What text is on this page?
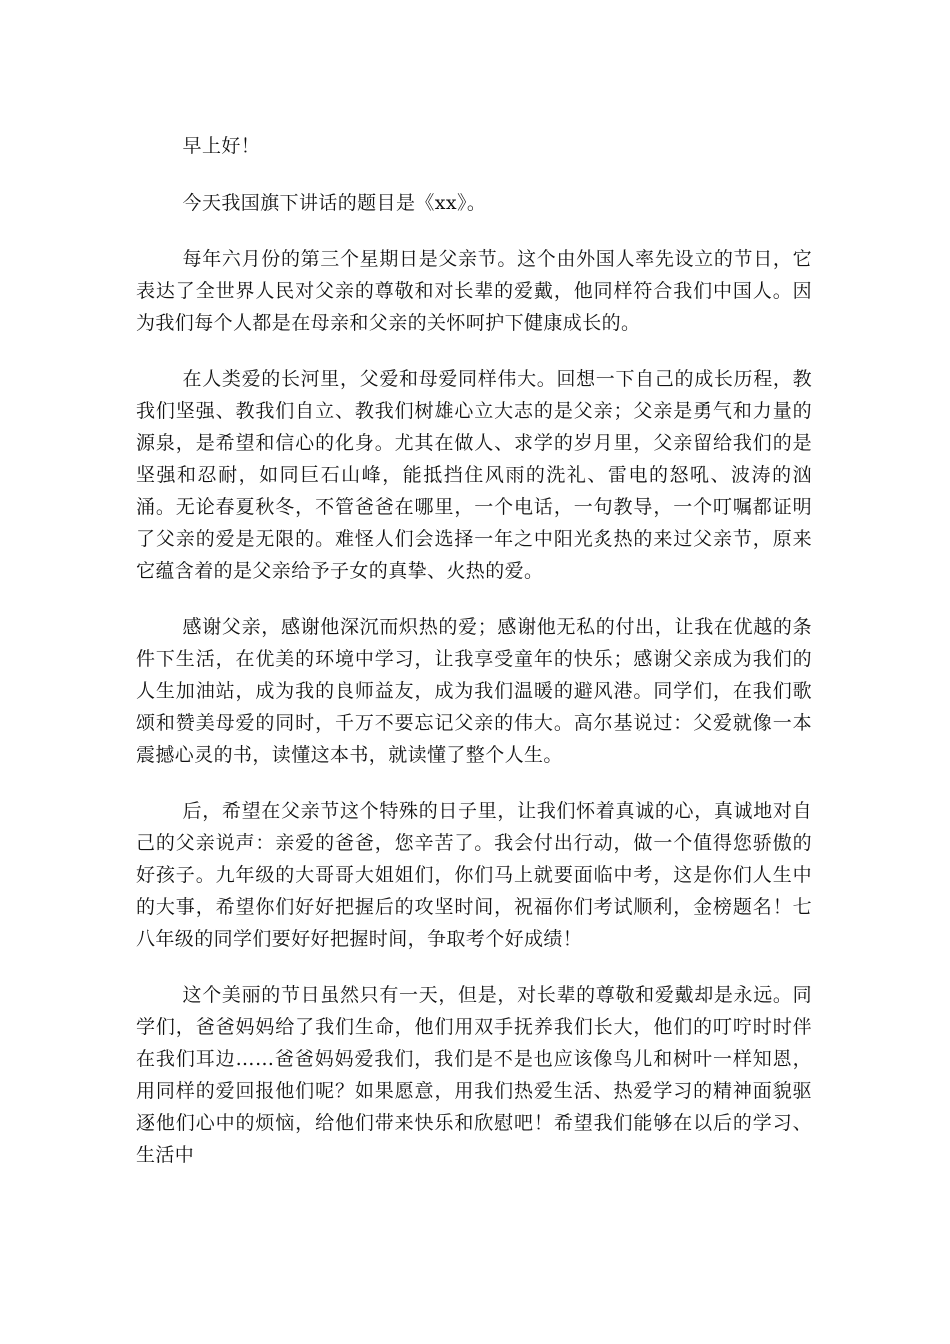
早上好！

今天我国旗下讲话的题目是《xx》。

每年六月份的第三个星期日是父亲节。这个由外国人率先设立的节日，它表达了全世界人民对父亲的尊敬和对长辈的爱戴，他同样符合我们中国人。因为我们每个人都是在母亲和父亲的关怀呵护下健康成长的。

在人类爱的长河里，父爱和母爱同样伟大。回想一下自己的成长历程，教我们坚强、教我们自立、教我们树雄心立大志的是父亲；父亲是勇气和力量的源泉，是希望和信心的化身。尤其在做人、求学的岁月里，父亲留给我们的是坚强和忍耐，如同巨石山峰，能抵挡住风雨的洗礼、雷电的怒吼、波涛的汹涌。无论春夏秋冬，不管爸爸在哪里，一个电话，一句教导，一个叮嘱都证明了父亲的爱是无限的。难怪人们会选择一年之中阳光炙热的来过父亲节，原来它蕴含着的是父亲给予子女的真挚、火热的爱。

感谢父亲，感谢他深沉而炽热的爱；感谢他无私的付出，让我在优越的条件下生活，在优美的环境中学习，让我享受童年的快乐；感谢父亲成为我们的人生加油站，成为我的良师益友，成为我们温暖的避风港。同学们，在我们歌颂和赞美母爱的同时，千万不要忘记父亲的伟大。高尔基说过：父爱就像一本震撼心灵的书，读懂这本书，就读懂了整个人生。

后，希望在父亲节这个特殊的日子里，让我们怀着真诚的心，真诚地对自己的父亲说声：亲爱的爸爸，您辛苦了。我会付出行动，做一个值得您骄傲的好孩子。九年级的大哥哥大姐姐们，你们马上就要面临中考，这是你们人生中的大事，希望你们好好把握后的攻坚时间，祝福你们考试顺利，金榜题名！七八年级的同学们要好好把握时间，争取考个好成绩！

这个美丽的节日虽然只有一天，但是，对长辈的尊敬和爱戴却是永远。同学们，爸爸妈妈给了我们生命，他们用双手抚养我们长大，他们的叮咛时时伴在我们耳边……爸爸妈妈爱我们，我们是不是也应该像鸟儿和树叶一样知恩，用同样的爱回报他们呢？如果愿意，用我们热爱生活、热爱学习的精神面貌驱逐他们心中的烦恼，给他们带来快乐和欣慰吧！希望我们能够在以后的学习、生活中
